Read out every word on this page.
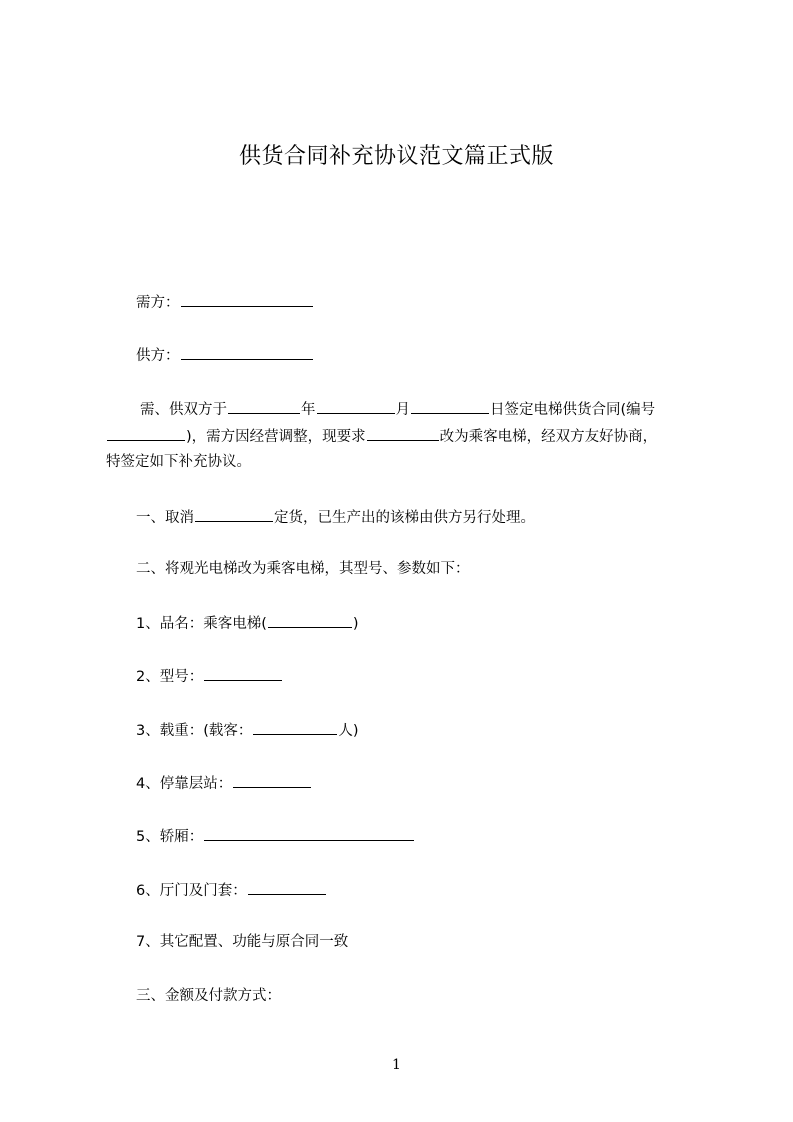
供货合同补充协议范文篇正式版
需方：
供方：
需、供双方于	年	月	日签定电梯供货合同(编号
)，需方因经营调整，现要求	改为乘客电梯，经双方友好协商，
特签定如下补充协议。
一、取消	定货，已生产出的该梯由供方另行处理。
二、将观光电梯改为乘客电梯，其型号、参数如下：
1、品名：乘客电梯(	)
2、型号：
3、载重：(载客：	人)
4、停靠层站：
5、轿厢：
6、厅门及门套：
7、其它配置、功能与原合同一致
三、金额及付款方式：
1
